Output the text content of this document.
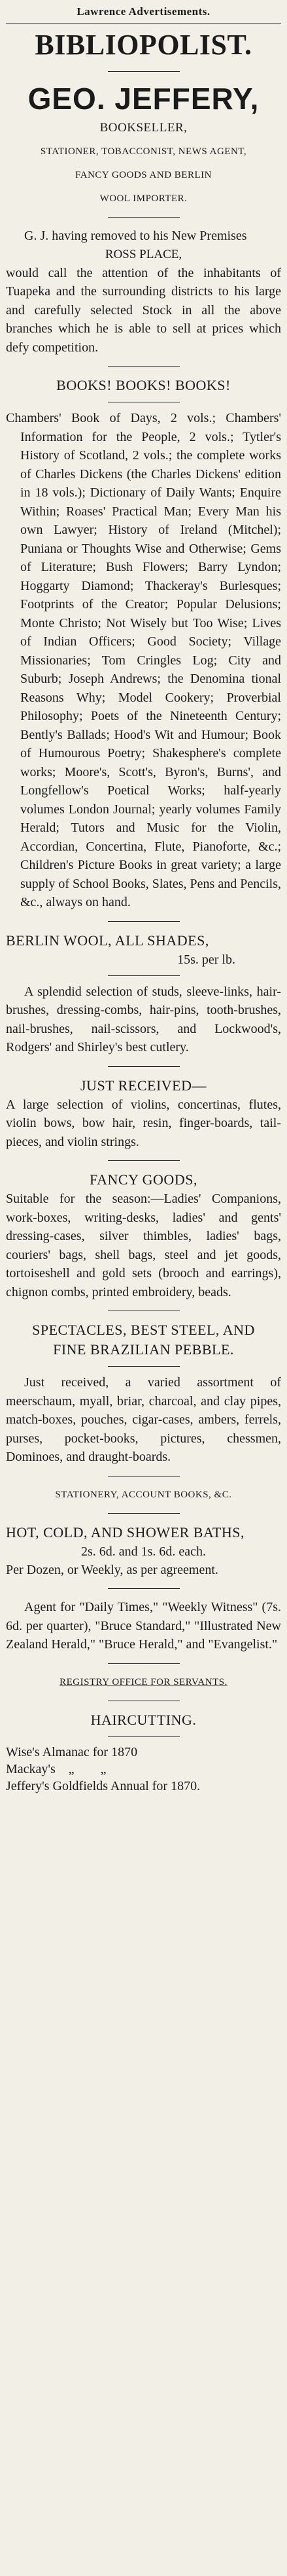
Lawrence Advertisements.
BIBLIOPOLIST.
GEO. JEFFERY,
BOOKSELLER,
STATIONER, TOBACCONIST, NEWS AGENT,
FANCY GOODS AND BERLIN
WOOL IMPORTER.

G. J. having removed to his New Premises

ROSS PLACE,

would call the attention of the inhabitants of Tuapeka and the surrounding districts to his large and carefully selected Stock in all the above branches which he is able to sell at prices which defy competition.

BOOKS! BOOKS! BOOKS!

Chambers' Book of Days, 2 vols.; Chambers' Information for the People, 2 vols.; Tytler's History of Scotland, 2 vols.; the complete works of Charles Dickens (the Charles Dickens' edition in 18 vols.); Dictionary of Daily Wants; Enquire Within; Roases' Practical Man; Every Man his own Lawyer; History of Ireland (Mitchel); Puniana or Thoughts Wise and Otherwise; Gems of Literature; Bush Flowers; Barry Lyndon; Hoggarty Diamond; Thackeray's Burlesques; Footprints of the Creator; Popular Delusions; Monte Christo; Not Wisely but Too Wise; Lives of Indian Officers; Good Society; Village Missionaries; Tom Cringles Log; City and Suburb; Joseph Andrews; the Denomina tional Reasons Why; Model Cookery; Proverbial Philosophy; Poets of the Nineteenth Century; Bently's Ballads; Hood's Wit and Humour; Book of Humourous Poetry; Shakesphere's complete works; Moore's, Scott's, Byron's, Burns', and Longfellow's Poetical Works; half-yearly volumes London Journal; yearly volumes Family Herald; Tutors and Music for the Violin, Accordian, Concertina, Flute, Pianoforte, &c.; Children's Picture Books in great variety; a large supply of School Books, Slates, Pens and Pencils, &c., always on hand.

BERLIN WOOL, ALL SHADES,
15s. per lb.

A splendid selection of studs, sleeve-links, hair-brushes, dressing-combs, hair-pins, tooth-brushes, nail-brushes, nail-scissors, and Lockwood's, Rodgers' and Shirley's best cutlery.

JUST RECEIVED—

A large selection of violins, concertinas, flutes, violin bows, bow hair, resin, finger-boards, tail-pieces, and violin strings.

FANCY GOODS,

Suitable for the season:—Ladies' Companions, work-boxes, writing-desks, ladies' and gents' dressing-cases, silver thimbles, ladies' bags, couriers' bags, shell bags, steel and jet goods, tortoiseshell and gold sets (brooch and earrings), chignon combs, printed embroidery, beads.

SPECTACLES, BEST STEEL, AND
FINE BRAZILIAN PEBBLE.

Just received, a varied assortment of meerschaum, myall, briar, charcoal, and clay pipes, match-boxes, pouches, cigar-cases, ambers, ferrels, purses, pocket-books, pictures, chessmen, Dominoes, and draught-boards.

STATIONERY, ACCOUNT BOOKS, &C.
HOT, COLD, AND SHOWER BATHS,
2s. 6d. and 1s. 6d. each.

Per Dozen, or Weekly, as per agreement.

Agent for "Daily Times," "Weekly Witness" (7s. 6d. per quarter), "Bruce Standard," "Illustrated New Zealand Herald," "Bruce Herald," and "Evangelist."

REGISTRY OFFICE FOR SERVANTS.
HAIRCUTTING.

Wise's Almanac for 1870

Mackay's    „        „

Jeffery's Goldfields Annual for 1870.
